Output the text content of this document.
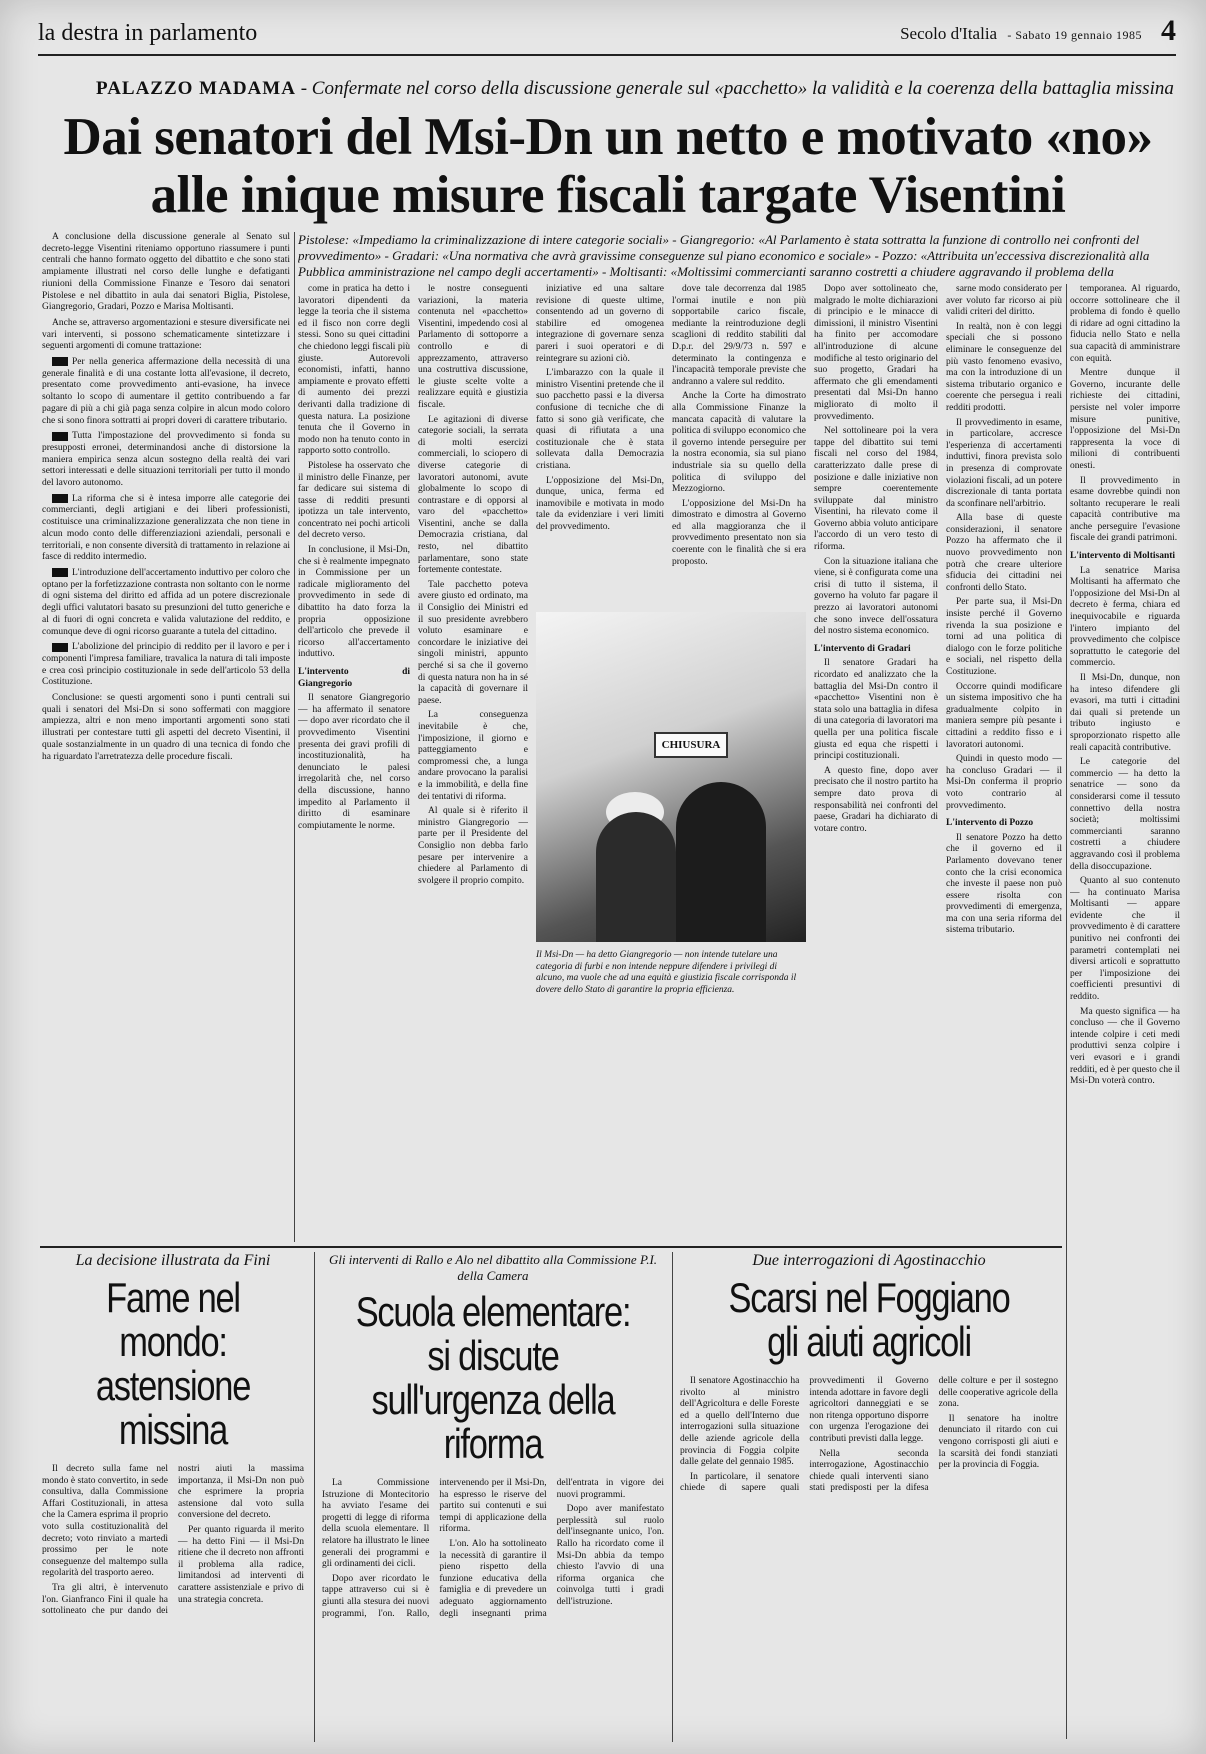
la destra in parlamento	Secolo d'Italia - Sabato 19 gennaio 1985 4
PALAZZO MADAMA - Confermate nel corso della discussione generale sul «pacchetto» la validità e la coerenza della battaglia missina
Dai senatori del Msi-Dn un netto e motivato «no»
alle inique misure fiscali targate Visentini

A conclusione della discussione generale al Senato sul decreto-legge Visentini riteniamo opportuno riassumere i punti centrali che hanno formato oggetto del dibattito e che sono stati ampiamente illustrati nel corso delle lunghe e defatiganti riunioni della Commissione Finanze e Tesoro dai senatori Pistolese e nel dibattito in aula dai senatori Biglia, Pistolese, Giangregorio, Gradari, Pozzo e Marisa Moltisanti.

Anche se, attraverso argomentazioni e stesure diversificate nei vari interventi, si possono schematicamente sintetizzare i seguenti argomenti di comune trattazione:

Per nella generica affermazione della necessità di una generale finalità e di una costante lotta all'evasione, il decreto, presentato come provvedimento anti-evasione, ha invece soltanto lo scopo di aumentare il gettito contribuendo a far pagare di più a chi già paga senza colpire in alcun modo coloro che si sono finora sottratti ai propri doveri di carattere tributario.

Tutta l'impostazione del provvedimento si fonda su presupposti erronei, determinandosi anche di distorsione la maniera empirica senza alcun sostegno della realtà dei vari settori interessati e delle situazioni territoriali per tutto il mondo del lavoro autonomo.

La riforma che si è intesa imporre alle categorie dei commercianti, degli artigiani e dei liberi professionisti, costituisce una criminalizzazione generalizzata che non tiene in alcun modo conto delle differenziazioni aziendali, personali e territoriali, e non consente diversità di trattamento in relazione ai fasce di reddito intermedio.

L'introduzione dell'accertamento induttivo per coloro che optano per la forfetizzazione contrasta non soltanto con le norme di ogni sistema del diritto ed affida ad un potere discrezionale degli uffici valutatori basato su presunzioni del tutto generiche e al di fuori di ogni concreta e valida valutazione del reddito, e comunque deve di ogni ricorso guarante a tutela del cittadino.

L'abolizione del principio di reddito per il lavoro e per i componenti l'impresa familiare, travalica la natura di tali imposte e crea così principio costituzionale in sede dell'articolo 53 della Costituzione.

Conclusione: se questi argomenti sono i punti centrali sui quali i senatori del Msi-Dn si sono soffermati con maggiore ampiezza, altri e non meno importanti argomenti sono stati illustrati per contestare tutti gli aspetti del decreto Visentini, il quale sostanzialmente in un quadro di una tecnica di fondo che ha riguardato l'arretratezza delle procedure fiscali.

Pistolese: «Impediamo la criminalizzazione di intere categorie sociali» - Giangregorio: «Al Parlamento è stata sottratta la funzione di controllo nei confronti del provvedimento» - Gradari: «Una normativa che avrà gravissime conseguenze sul piano economico e sociale» - Pozzo: «Attribuita un'eccessiva discrezionalità alla Pubblica amministrazione nel campo degli accertamenti» - Moltisanti: «Moltissimi commercianti saranno costretti a chiudere aggravando il problema della

come in pratica ha detto i lavoratori dipendenti da legge la teoria che il sistema ed il fisco non corre degli stessi. Sono su quei cittadini che chiedono leggi fiscali più giuste. Autorevoli economisti, infatti, hanno ampiamente e provato effetti di aumento dei prezzi derivanti dalla tradizione di questa natura. La posizione tenuta che il Governo in modo non ha tenuto conto in rapporto sotto controllo.

Pistolese ha osservato che il ministro delle Finanze, per far dedicare sui sistema di tasse di redditi presunti ipotizza un tale intervento, concentrato nei pochi articoli del decreto verso.

In conclusione, il Msi-Dn, che si è realmente impegnato in Commissione per un radicale miglioramento del provvedimento in sede di dibattito ha dato forza la propria opposizione dell'articolo che prevede il ricorso all'accertamento induttivo.

L'intervento di Giangregorio

Il senatore Giangregorio — ha affermato il senatore — dopo aver ricordato che il provvedimento Visentini presenta dei gravi profili di incostituzionalità, ha denunciato le palesi irregolarità che, nel corso della discussione, hanno impedito al Parlamento il diritto di esaminare compiutamente le norme.

le nostre conseguenti variazioni, la materia contenuta nel «pacchetto» Visentini, impedendo così al Parlamento di sottoporre a controllo e di apprezzamento, attraverso una costruttiva discussione, le giuste scelte volte a realizzare equità e giustizia fiscale.

Le agitazioni di diverse categorie sociali, la serrata di molti esercizi commerciali, lo sciopero di diverse categorie di lavoratori autonomi, avute globalmente lo scopo di contrastare e di opporsi al varo del «pacchetto» Visentini, anche se dalla Democrazia cristiana, dal resto, nel dibattito parlamentare, sono state fortemente contestate.

Tale pacchetto poteva avere giusto ed ordinato, ma il Consiglio dei Ministri ed il suo presidente avrebbero voluto esaminare e concordare le iniziative dei singoli ministri, appunto perché si sa che il governo di questa natura non ha in sé la capacità di governare il paese.

La conseguenza inevitabile è che, l'imposizione, il giorno e patteggiamento e compromessi che, a lunga andare provocano la paralisi e la immobilità, e della fine dei tentativi di riforma.

Al quale si è riferito il ministro Giangregorio — parte per il Presidente del Consiglio non debba farlo pesare per intervenire a chiedere al Parlamento di svolgere il proprio compito.

iniziative ed una saltare revisione di queste ultime, consentendo ad un governo di stabilire ed omogenea integrazione di governare senza pareri i suoi operatori e di reintegrare su azioni ciò.

L'imbarazzo con la quale il ministro Visentini pretende che il suo pacchetto passi e la diversa confusione di tecniche che di fatto si sono già verificate, che quasi di rifiutata a una costituzionale che è stata sollevata dalla Democrazia cristiana.

L'opposizione del Msi-Dn, dunque, unica, ferma ed inamovibile e motivata in modo tale da evidenziare i veri limiti del provvedimento.

dove tale decorrenza dal 1985 l'ormai inutile e non più sopportabile carico fiscale, mediante la reintroduzione degli scaglioni di reddito stabiliti dal D.p.r. del 29/9/73 n. 597 e determinato la contingenza e l'incapacità temporale previste che andranno a valere sul reddito.

Anche la Corte ha dimostrato alla Commissione Finanze la mancata capacità di valutare la politica di sviluppo economico che il governo intende perseguire per la nostra economia, sia sul piano industriale sia su quello della politica di sviluppo del Mezzogiorno.

L'opposizione del Msi-Dn ha dimostrato e dimostra al Governo ed alla maggioranza che il provvedimento presentato non sia coerente con le finalità che si era proposto.

CHIUSURA
Il Msi-Dn — ha detto Giangregorio — non intende tutelare una categoria di furbi e non intende neppure difendere i privilegi di alcuno, ma vuole che ad una equità e giustizia fiscale corrisponda il dovere dello Stato di garantire la propria efficienza.

Dopo aver sottolineato che, malgrado le molte dichiarazioni di principio e le minacce di dimissioni, il ministro Visentini ha finito per accomodare all'introduzione di alcune modifiche al testo originario del suo progetto, Gradari ha affermato che gli emendamenti presentati dal Msi-Dn hanno migliorato di molto il provvedimento.

Nel sottolineare poi la vera tappe del dibattito sui temi fiscali nel corso del 1984, caratterizzato dalle prese di posizione e dalle iniziative non sempre coerentemente sviluppate dal ministro Visentini, ha rilevato come il Governo abbia voluto anticipare l'accordo di un vero testo di riforma.

Con la situazione italiana che viene, si è configurata come una crisi di tutto il sistema, il governo ha voluto far pagare il prezzo ai lavoratori autonomi che sono invece dell'ossatura del nostro sistema economico.

L'intervento di Gradari

Il senatore Gradari ha ricordato ed analizzato che la battaglia del Msi-Dn contro il «pacchetto» Visentini non è stata solo una battaglia in difesa di una categoria di lavoratori ma quella per una politica fiscale giusta ed equa che rispetti i principi costituzionali.

A questo fine, dopo aver precisato che il nostro partito ha sempre dato prova di responsabilità nei confronti del paese, Gradari ha dichiarato di votare contro.

sarne modo considerato per aver voluto far ricorso ai più validi criteri del diritto.

In realtà, non è con leggi speciali che si possono eliminare le conseguenze del più vasto fenomeno evasivo, ma con la introduzione di un sistema tributario organico e coerente che persegua i reali redditi prodotti.

Il provvedimento in esame, in particolare, accresce l'esperienza di accertamenti induttivi, finora prevista solo in presenza di comprovate violazioni fiscali, ad un potere discrezionale di tanta portata da sconfinare nell'arbitrio.

Alla base di queste considerazioni, il senatore Pozzo ha affermato che il nuovo provvedimento non potrà che creare ulteriore sfiducia dei cittadini nei confronti dello Stato.

Per parte sua, il Msi-Dn insiste perché il Governo rivenda la sua posizione e torni ad una politica di dialogo con le forze politiche e sociali, nel rispetto della Costituzione.

Occorre quindi modificare un sistema impositivo che ha gradualmente colpito in maniera sempre più pesante i cittadini a reddito fisso e i lavoratori autonomi.

Quindi in questo modo — ha concluso Gradari — il Msi-Dn conferma il proprio voto contrario al provvedimento.

L'intervento di Pozzo

Il senatore Pozzo ha detto che il governo ed il Parlamento dovevano tener conto che la crisi economica che investe il paese non può essere risolta con provvedimenti di emergenza, ma con una seria riforma del sistema tributario.

temporanea. Al riguardo, occorre sottolineare che il problema di fondo è quello di ridare ad ogni cittadino la fiducia nello Stato e nella sua capacità di amministrare con equità.

Mentre dunque il Governo, incurante delle richieste dei cittadini, persiste nel voler imporre misure punitive, l'opposizione del Msi-Dn rappresenta la voce di milioni di contribuenti onesti.

Il provvedimento in esame dovrebbe quindi non soltanto recuperare le reali capacità contributive ma anche perseguire l'evasione fiscale dei grandi patrimoni.

L'intervento di Moltisanti

La senatrice Marisa Moltisanti ha affermato che l'opposizione del Msi-Dn al decreto è ferma, chiara ed inequivocabile e riguarda l'intero impianto del provvedimento che colpisce soprattutto le categorie del commercio.

Il Msi-Dn, dunque, non ha inteso difendere gli evasori, ma tutti i cittadini dai quali si pretende un tributo ingiusto e sproporzionato rispetto alle reali capacità contributive.

Le categorie del commercio — ha detto la senatrice — sono da considerarsi come il tessuto connettivo della nostra società; moltissimi commercianti saranno costretti a chiudere aggravando così il problema della disoccupazione.

Quanto al suo contenuto — ha continuato Marisa Moltisanti — appare evidente che il provvedimento è di carattere punitivo nei confronti dei parametri contemplati nei diversi articoli e soprattutto per l'imposizione dei coefficienti presuntivi di reddito.

Ma questo significa — ha concluso — che il Governo intende colpire i ceti medi produttivi senza colpire i veri evasori e i grandi redditi, ed è per questo che il Msi-Dn voterà contro.

La decisione illustrata da Fini
Fame nel mondo: astensione missina

Il decreto sulla fame nel mondo è stato convertito, in sede consultiva, dalla Commissione Affari Costituzionali, in attesa che la Camera esprima il proprio voto sulla costituzionalità del decreto; voto rinviato a martedì prossimo per le note conseguenze del maltempo sulla regolarità del trasporto aereo.

Tra gli altri, è intervenuto l'on. Gianfranco Fini il quale ha sottolineato che pur dando dei nostri aiuti la massima importanza, il Msi-Dn non può che esprimere la propria astensione dal voto sulla conversione del decreto.

Per quanto riguarda il merito — ha detto Fini — il Msi-Dn ritiene che il decreto non affronti il problema alla radice, limitandosi ad interventi di carattere assistenziale e privo di una strategia concreta.

Gli interventi di Rallo e Alo nel dibattito alla Commissione P.I. della Camera
Scuola elementare: si discute sull'urgenza della riforma

La Commissione Istruzione di Montecitorio ha avviato l'esame dei progetti di legge di riforma della scuola elementare. Il relatore ha illustrato le linee generali dei programmi e gli ordinamenti dei cicli.

Dopo aver ricordato le tappe attraverso cui si è giunti alla stesura dei nuovi programmi, l'on. Rallo, intervenendo per il Msi-Dn, ha espresso le riserve del partito sui contenuti e sui tempi di applicazione della riforma.

L'on. Alo ha sottolineato la necessità di garantire il pieno rispetto della funzione educativa della famiglia e di prevedere un adeguato aggiornamento degli insegnanti prima dell'entrata in vigore dei nuovi programmi.

Dopo aver manifestato perplessità sul ruolo dell'insegnante unico, l'on. Rallo ha ricordato come il Msi-Dn abbia da tempo chiesto l'avvio di una riforma organica che coinvolga tutti i gradi dell'istruzione.

Due interrogazioni di Agostinacchio
Scarsi nel Foggiano gli aiuti agricoli

Il senatore Agostinacchio ha rivolto al ministro dell'Agricoltura e delle Foreste ed a quello dell'Interno due interrogazioni sulla situazione delle aziende agricole della provincia di Foggia colpite dalle gelate del gennaio 1985.

In particolare, il senatore chiede di sapere quali provvedimenti il Governo intenda adottare in favore degli agricoltori danneggiati e se non ritenga opportuno disporre con urgenza l'erogazione dei contributi previsti dalla legge.

Nella seconda interrogazione, Agostinacchio chiede quali interventi siano stati predisposti per la difesa delle colture e per il sostegno delle cooperative agricole della zona.

Il senatore ha inoltre denunciato il ritardo con cui vengono corrisposti gli aiuti e la scarsità dei fondi stanziati per la provincia di Foggia.
